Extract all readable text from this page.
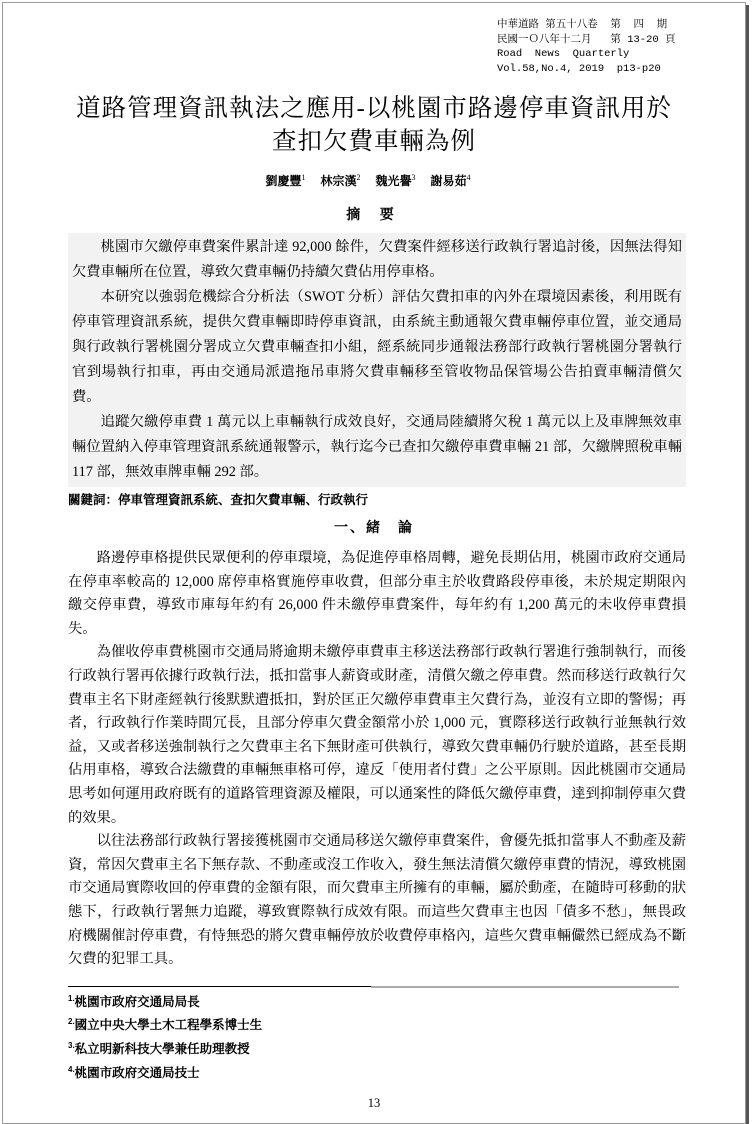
中華道路 第五十八卷  第  四  期
民國一Ｏ八年十二月   第 13-20 頁
Road  News  Quarterly
Vol.58,No.4, 2019  p13-p20
道路管理資訊執法之應用-以桃園市路邊停車資訊用於
查扣欠費車輛為例
劉慶豐$^1$ 林宗漢$^2$ 魏光譽$^3$ 謝易茹$^4$
摘 要

桃園市欠繳停車費案件累計達 92,000 餘件，欠費案件經移送行政執行署追討後，因無法得知欠費車輛所在位置，導致欠費車輛仍持續欠費佔用停車格。

本研究以強弱危機綜合分析法（SWOT 分析）評估欠費扣車的內外在環境因素後，利用既有停車管理資訊系統，提供欠費車輛即時停車資訊，由系統主動通報欠費車輛停車位置，並交通局與行政執行署桃園分署成立欠費車輛查扣小組，經系統同步通報法務部行政執行署桃園分署執行官到場執行扣車，再由交通局派遣拖吊車將欠費車輛移至管收物品保管場公告拍賣車輛清償欠費。

追蹤欠繳停車費 1 萬元以上車輛執行成效良好，交通局陸續將欠稅 1 萬元以上及車牌無效車輛位置納入停車管理資訊系統通報警示，執行迄今已查扣欠繳停車費車輛 21 部，欠繳牌照稅車輛 117 部，無效車牌車輛 292 部。

關鍵詞：停車管理資訊系統、查扣欠費車輛、行政執行
一、緒　論

路邊停車格提供民眾便利的停車環境，為促進停車格周轉，避免長期佔用，桃園市政府交通局在停車率較高的 12,000 席停車格實施停車收費，但部分車主於收費路段停車後，未於規定期限內繳交停車費，導致市庫每年約有 26,000 件未繳停車費案件，每年約有 1,200 萬元的未收停車費損失。

為催收停車費桃園市交通局將逾期未繳停車費車主移送法務部行政執行署進行強制執行，而後行政執行署再依據行政執行法，抵扣當事人薪資或財產，清償欠繳之停車費。然而移送行政執行欠費車主名下財產經執行後默默遭抵扣，對於匡正欠繳停車費車主欠費行為，並沒有立即的警惕；再者，行政執行作業時間冗長，且部分停車欠費金額常小於 1,000 元，實際移送行政執行並無執行效益，又或者移送強制執行之欠費車主名下無財產可供執行，導致欠費車輛仍行駛於道路，甚至長期佔用車格，導致合法繳費的車輛無車格可停，違反「使用者付費」之公平原則。因此桃園市交通局思考如何運用政府既有的道路管理資源及權限，可以通案性的降低欠繳停車費，達到抑制停車欠費的效果。

以往法務部行政執行署接獲桃園市交通局移送欠繳停車費案件，會優先抵扣當事人不動產及薪資，常因欠費車主名下無存款、不動產或沒工作收入，發生無法清償欠繳停車費的情況，導致桃園市交通局實際收回的停車費的金額有限，而欠費車主所擁有的車輛，屬於動產，在隨時可移動的狀態下，行政執行署無力追蹤，導致實際執行成效有限。而這些欠費車主也因「債多不愁」，無畏政府機關催討停車費，有恃無恐的將欠費車輛停放於收費停車格內，這些欠費車輛儼然已經成為不斷欠費的犯罪工具。

$^{1.}$桃園市政府交通局局長
$^{2.}$國立中央大學土木工程學系博士生
$^{3.}$私立明新科技大學兼任助理教授
$^{4.}$桃園市政府交通局技士
13
